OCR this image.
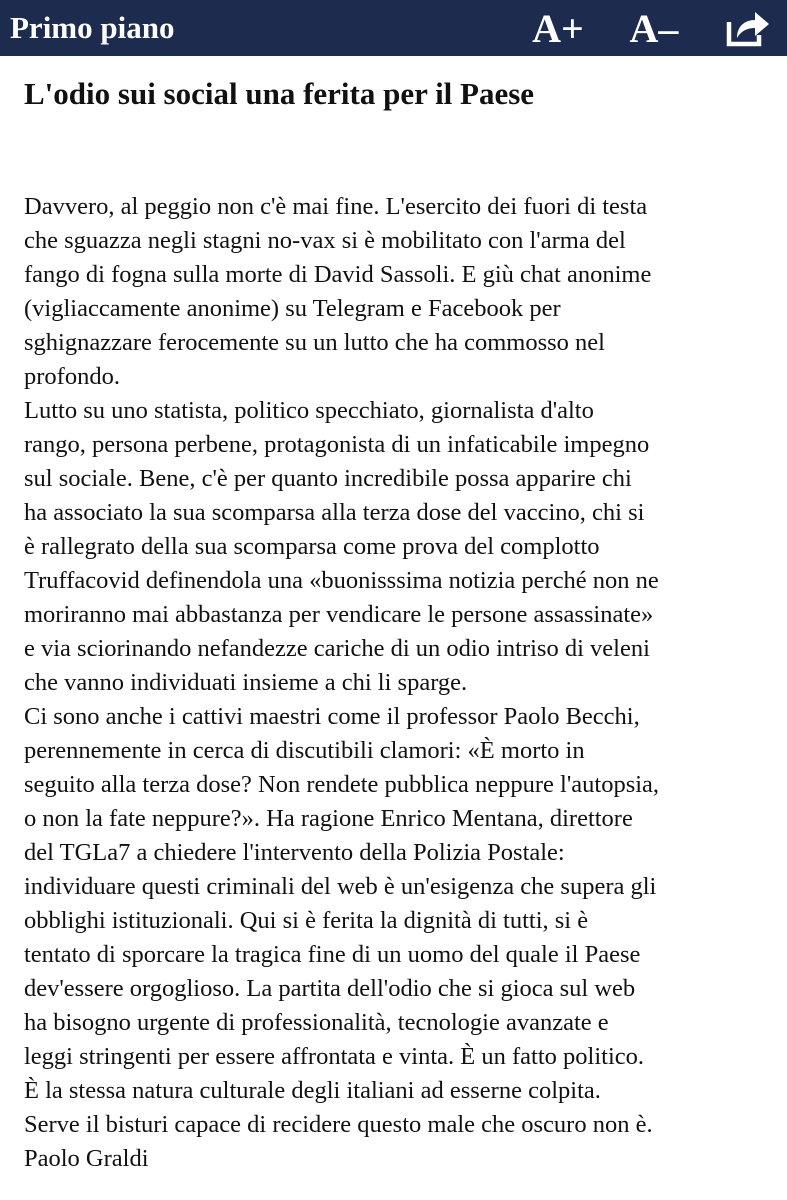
Primo piano	A+ A–
L'odio sui social una ferita per il Paese
Davvero, al peggio non c'è mai fine. L'esercito dei fuori di testa
che sguazza negli stagni no-vax si è mobilitato con l'arma del
fango di fogna sulla morte di David Sassoli. E giù chat anonime
(vigliaccamente anonime) su Telegram e Facebook per
sghignazzare ferocemente su un lutto che ha commosso nel
profondo.
Lutto su uno statista, politico specchiato, giornalista d'alto
rango, persona perbene, protagonista di un infaticabile impegno
sul sociale. Bene, c'è per quanto incredibile possa apparire chi
ha associato la sua scomparsa alla terza dose del vaccino, chi si
è rallegrato della sua scomparsa come prova del complotto
Truffacovid definendola una «buonisssima notizia perché non ne
moriranno mai abbastanza per vendicare le persone assassinate»
e via sciorinando nefandezze cariche di un odio intriso di veleni
che vanno individuati insieme a chi li sparge.
Ci sono anche i cattivi maestri come il professor Paolo Becchi,
perennemente in cerca di discutibili clamori: «È morto in
seguito alla terza dose? Non rendete pubblica neppure l'autopsia,
o non la fate neppure?». Ha ragione Enrico Mentana, direttore
del TGLa7 a chiedere l'intervento della Polizia Postale:
individuare questi criminali del web è un'esigenza che supera gli
obblighi istituzionali. Qui si è ferita la dignità di tutti, si è
tentato di sporcare la tragica fine di un uomo del quale il Paese
dev'essere orgoglioso. La partita dell'odio che si gioca sul web
ha bisogno urgente di professionalità, tecnologie avanzate e
leggi stringenti per essere affrontata e vinta. È un fatto politico.
È la stessa natura culturale degli italiani ad esserne colpita.
Serve il bisturi capace di recidere questo male che oscuro non è.
Paolo Graldi
